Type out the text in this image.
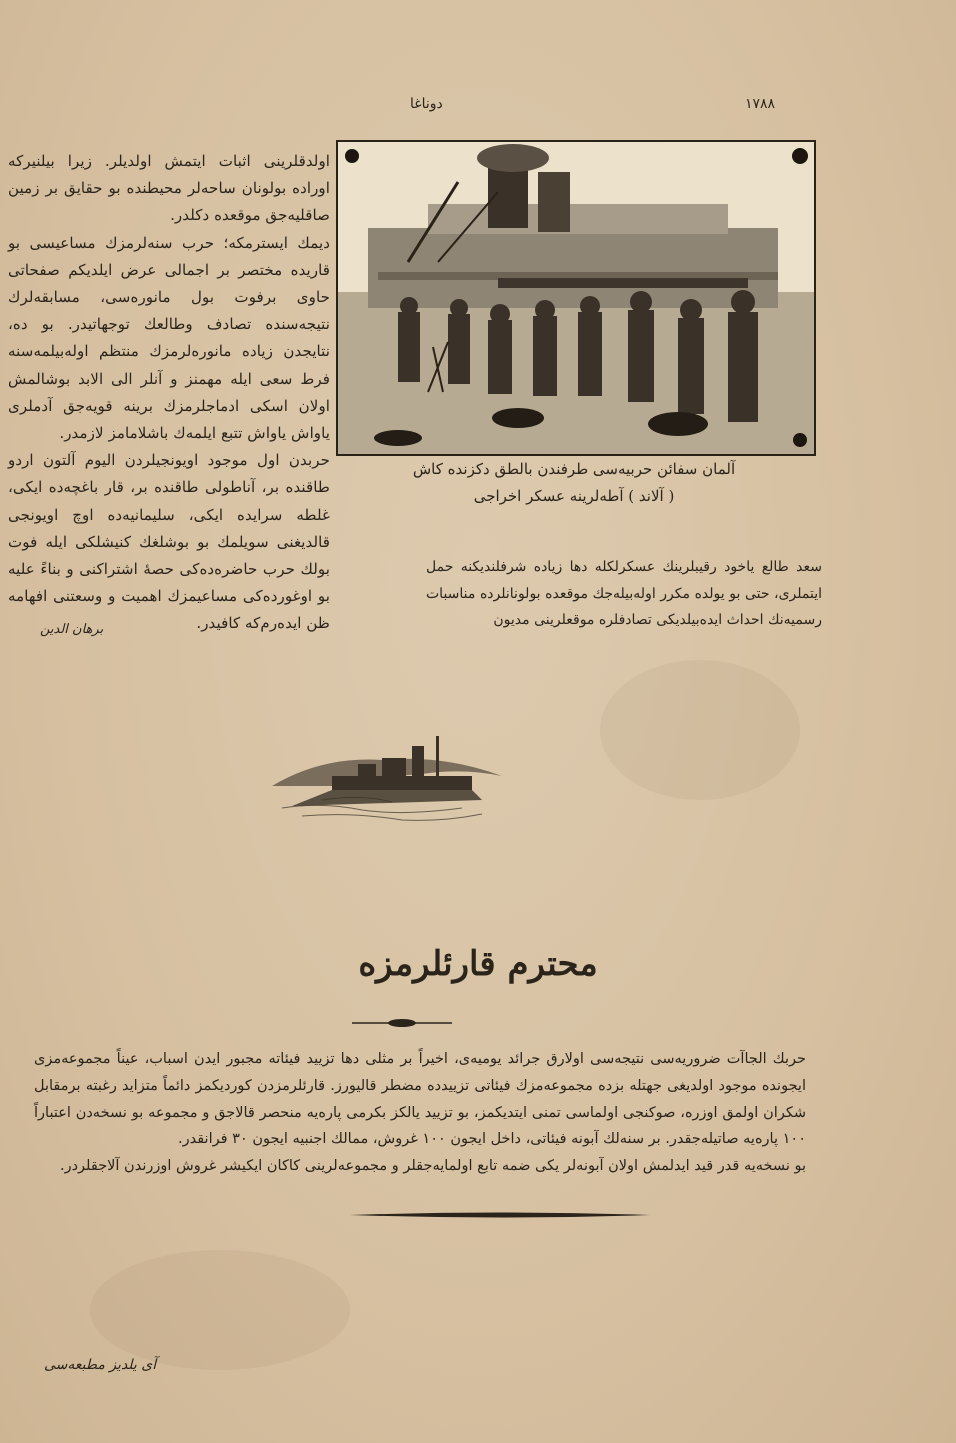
دوناغا	١٧٨٨

اولدقلرینی اثبات ایتمش اولدیلر. زیرا بیلنیرکه اوراده بولونان ساحه‌لر محیطنده بو حقایق بر زمین صاقلیه‌جق موقعده دکلدر.

دیمك ایسترمکه؛ حرب سنه‌لرمزك مساعیسی بو قاریده مختصر بر اجمالی عرض ایلدیکم صفحاتی حاوی برفوت بول مانوره‌سی، مسابقه‌لرك نتیجه‌سنده تصادف وطالعك توجهاتیدر. بو ده، نتایجدن زیاده مانوره‌لرمزك منتظم اوله‌بیلمه‌سنه فرط سعی ایله مهمنز و آنلر الی الابد بوشالمش اولان اسکی ادماجلرمزك برینه قویه‌جق آدملری یاواش یاواش تتبع ایلمه‌ك باشلامامز لازمدر.

حربدن اول موجود اویونجیلردن الیوم آلتون اردو طاقنده بر، آناطولی طاقنده بر، قار باغچه‌ده ایکی، غلطه سرایده ایکی، سلیمانیه‌ده اوچ اویونجی قالدیغنی سویلمك بو بوشلغك کنیشلکی ایله فوت بولك حرب حاضره‌ده‌کی حصهٔ اشتراکنی و بناءً علیه بو اوغورده‌کی مساعیمزك اهمیت و وسعتنی افهامه ظن ایده‌رم‌که کافیدر.

برهان الدین
آلمان سفائن حربیه‌سی طرفندن بالطق دکزنده کاش
( آلاند ) آطه‌لرینه عسکر اخراجی
سعد طالع یاخود رقیبلرینك عسکرلکله دها زیاده شرفلندیکنه حمل ایتملری، حتی بو یولده مکرر اوله‌بیله‌جك موقعده بولونانلرده مناسبات رسمیه‌نك احداث ایده‌بیلدیکی تصادفلره موقعلرینی مدیون
محترم قارئلرمزه

حربك الجاآت ضروریه‌سی نتیجه‌سی اولارق جرائد یومیه‌ی، اخیراً بر مثلی دها تزیید فیئاته مجبور ایدن اسباب، عیناً مجموعه‌مزی ایجونده موجود اولدیغی جهتله بزده مجموعه‌مزك فیئاتی تزییدده مضطر قالیورز. قارئلرمزدن کوردیکمز دائماً متزاید رغبته برمقابل شکران اولمق اوزره، صوکنجی اولماسی تمنی ایتدیکمز، بو تزیید یالکز بکرمی پاره‌یه منحصر قالاجق و مجموعه بو نسخه‌دن اعتباراً ١٠٠ پاره‌یه صاتیله‌جقدر. بر سنه‌لك آبونه فیئاتی، داخل ایجون ١٠٠ غروش، ممالك اجنبیه ایجون ٣٠ فرانقدر.

بو نسخه‌یه قدر قید ایدلمش اولان آبونه‌لر یکی ضمه تابع اولمایه‌جقلر و مجموعه‌لرینی کاکان ایکیشر غروش اوزرندن آلاجقلردر.

آی یلدیز مطبعه‌سی
